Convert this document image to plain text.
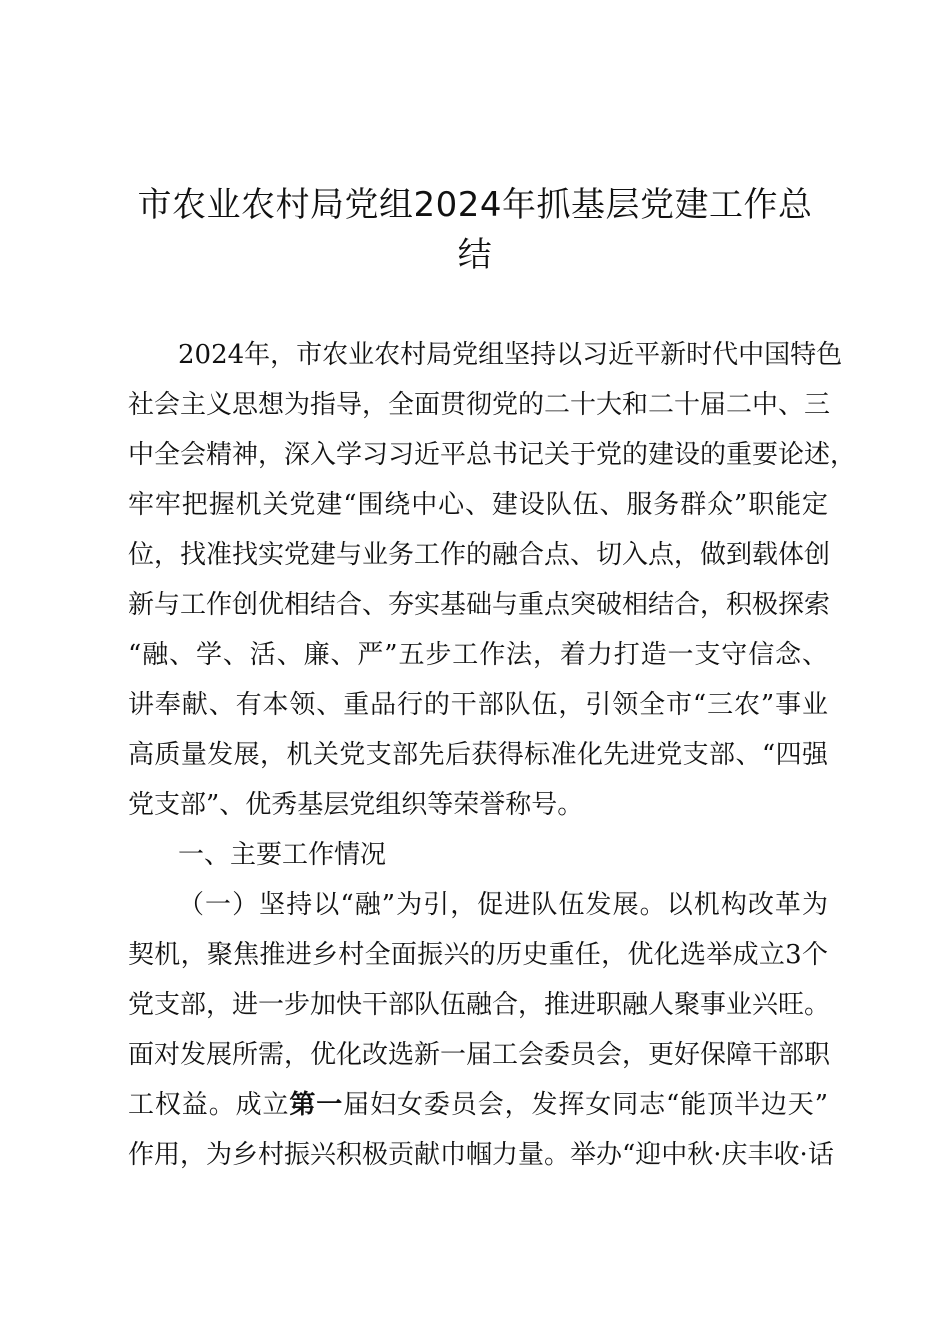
市农业农村局党组2024年抓基层党建工作总
结

2024年，市农业农村局党组坚持以习近平新时代中国特色

社会主义思想为指导，全面贯彻党的二十大和二十届二中、三

中全会精神，深入学习习近平总书记关于党的建设的重要论述，

牢牢把握机关党建“围绕中心、建设队伍、服务群众”职能定

位，找准找实党建与业务工作的融合点、切入点，做到载体创

新与工作创优相结合、夯实基础与重点突破相结合，积极探索

“融、学、活、廉、严”五步工作法，着力打造一支守信念、

讲奉献、有本领、重品行的干部队伍，引领全市“三农”事业

高质量发展，机关党支部先后获得标准化先进党支部、“四强

党支部”、优秀基层党组织等荣誉称号。

一、主要工作情况

（一）坚持以“融”为引，促进队伍发展。以机构改革为

契机，聚焦推进乡村全面振兴的历史重任，优化选举成立3个

党支部，进一步加快干部队伍融合，推进职融人聚事业兴旺。

面对发展所需，优化改选新一届工会委员会，更好保障干部职

工权益。成立第一届妇女委员会，发挥女同志“能顶半边天”

作用，为乡村振兴积极贡献巾帼力量。举办“迎中秋·庆丰收·话
